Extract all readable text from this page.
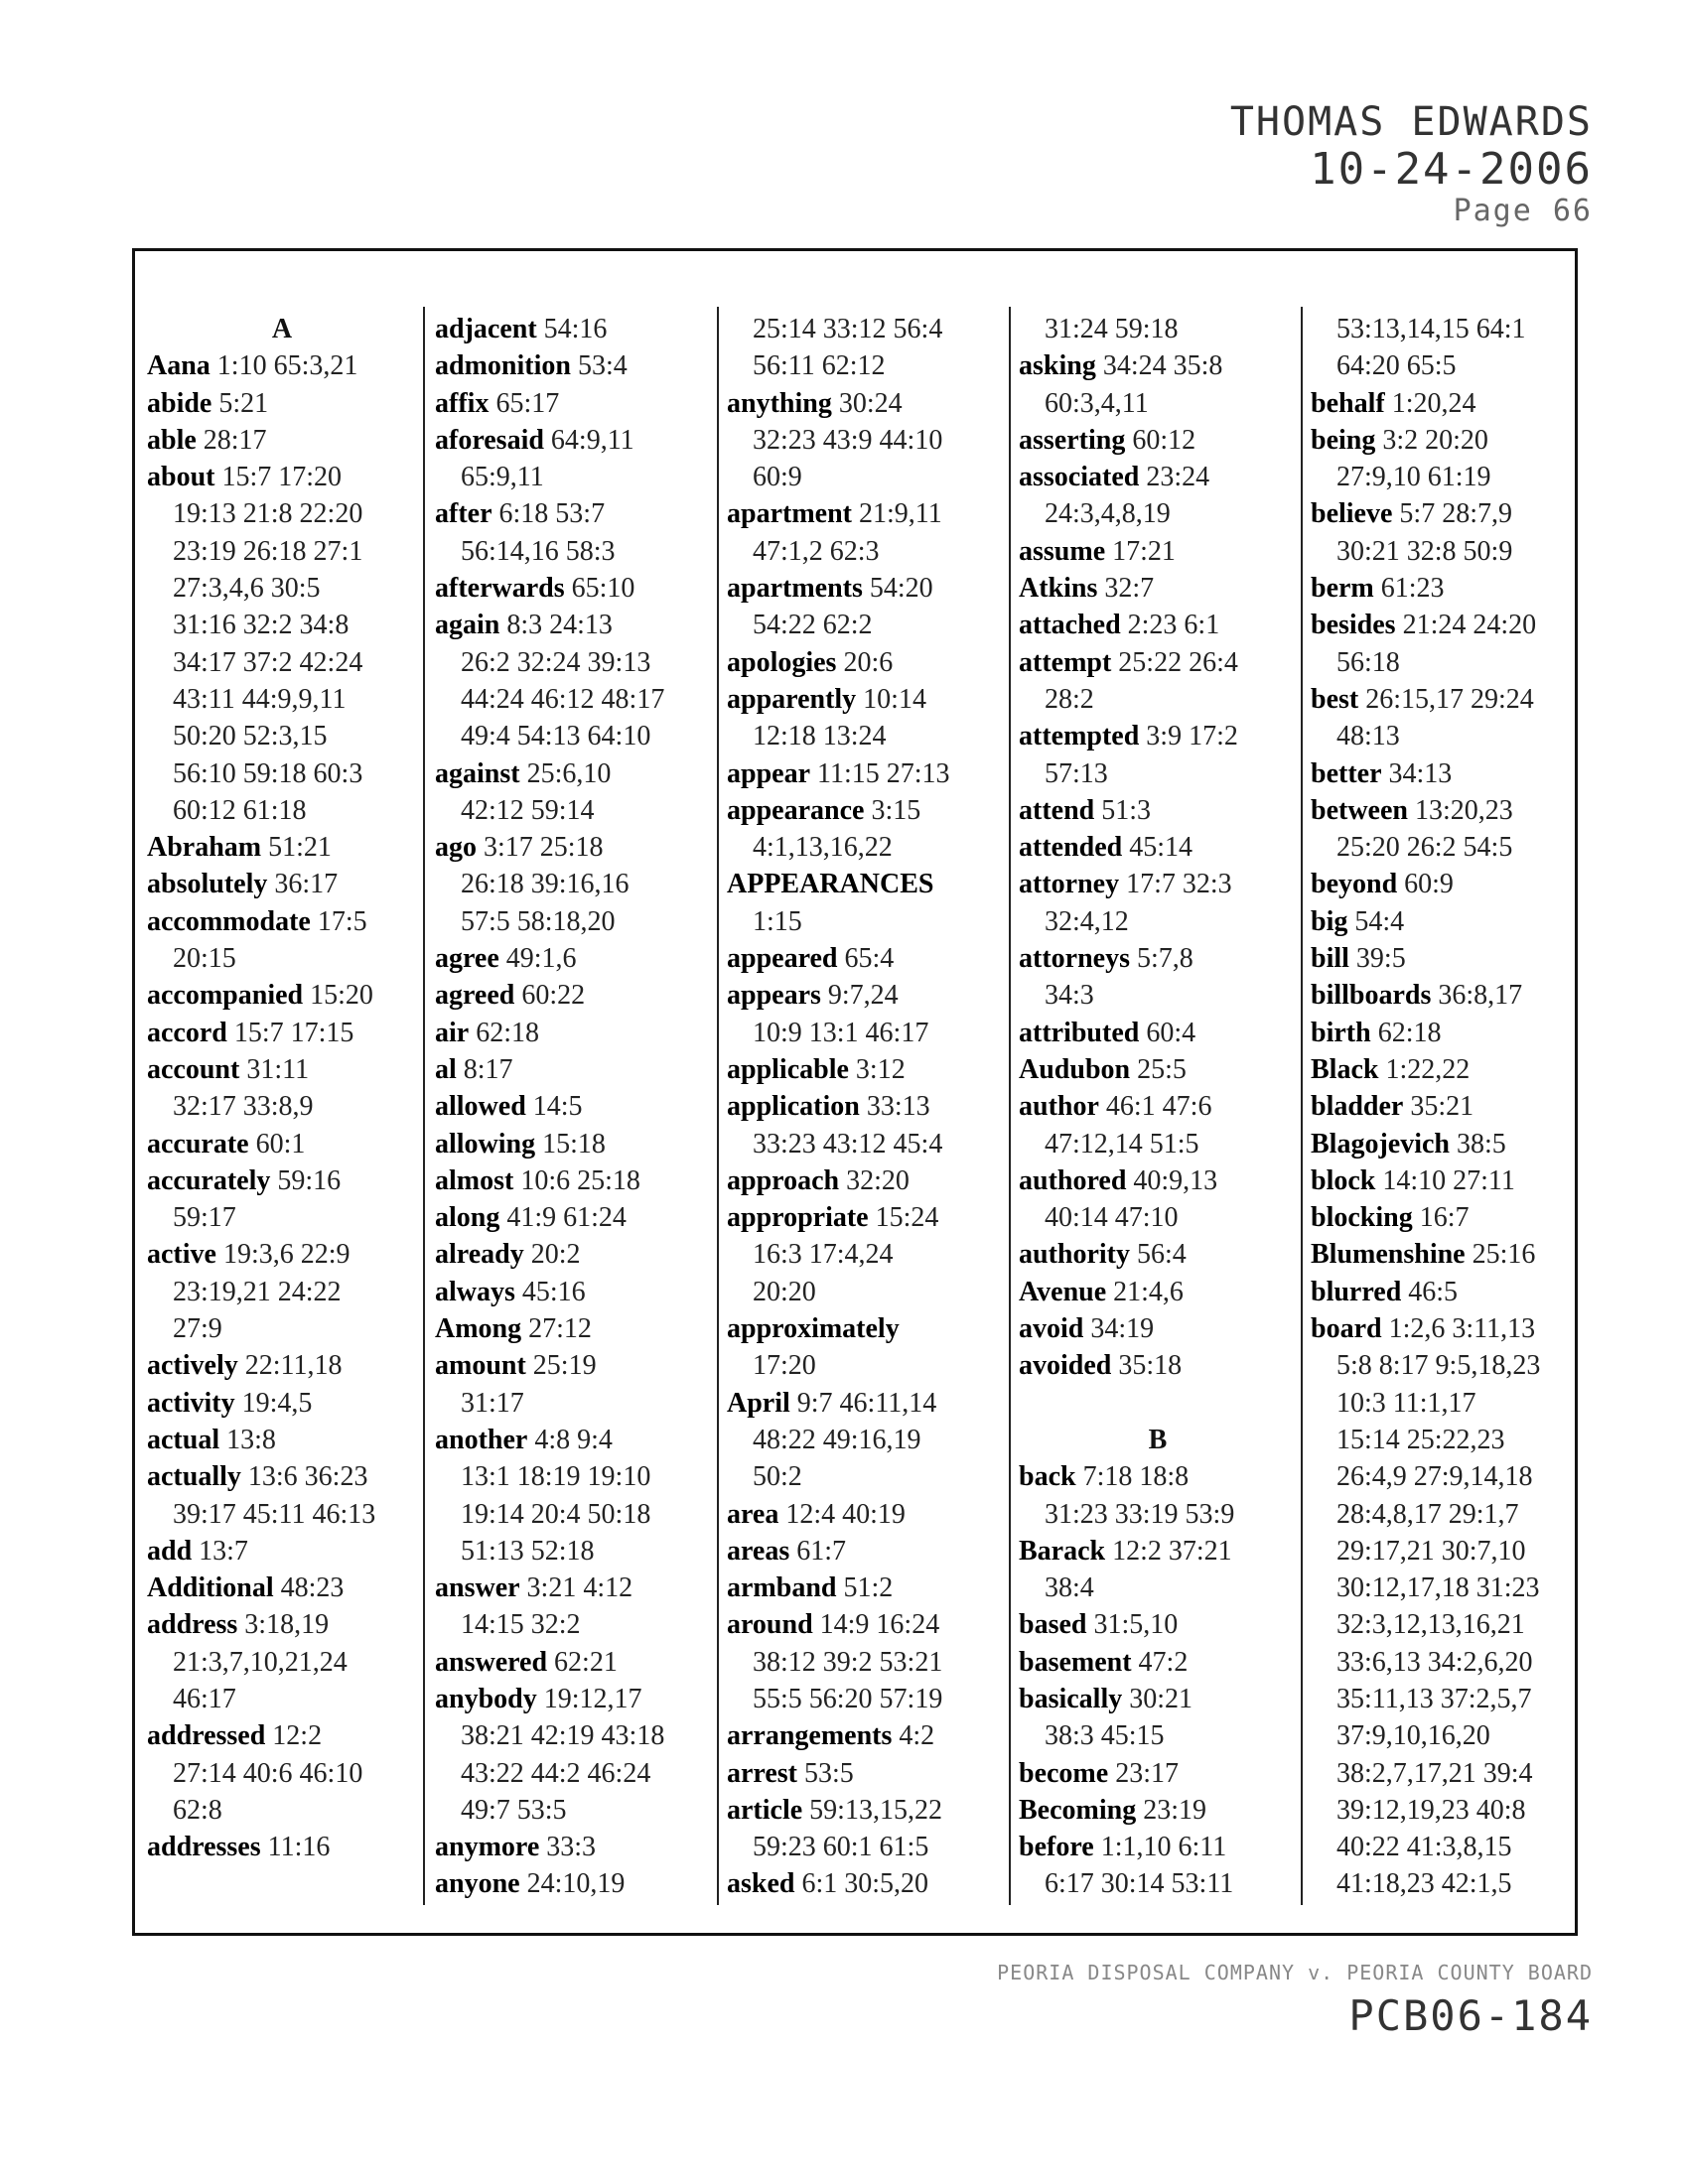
THOMAS EDWARDS
10-24-2006
Page 66
A
Aana 1:10 65:3,21
abide 5:21
able 28:17
about 15:7 17:20
19:13 21:8 22:20
23:19 26:18 27:1
27:3,4,6 30:5
31:16 32:2 34:8
34:17 37:2 42:24
43:11 44:9,9,11
50:20 52:3,15
56:10 59:18 60:3
60:12 61:18
Abraham 51:21
absolutely 36:17
accommodate 17:5
20:15
accompanied 15:20
accord 15:7 17:15
account 31:11
32:17 33:8,9
accurate 60:1
accurately 59:16
59:17
active 19:3,6 22:9
23:19,21 24:22
27:9
actively 22:11,18
activity 19:4,5
actual 13:8
actually 13:6 36:23
39:17 45:11 46:13
add 13:7
Additional 48:23
address 3:18,19
21:3,7,10,21,24
46:17
addressed 12:2
27:14 40:6 46:10
62:8
addresses 11:16
adjacent 54:16
admonition 53:4
affix 65:17
aforesaid 64:9,11
65:9,11
after 6:18 53:7
56:14,16 58:3
afterwards 65:10
again 8:3 24:13
26:2 32:24 39:13
44:24 46:12 48:17
49:4 54:13 64:10
against 25:6,10
42:12 59:14
ago 3:17 25:18
26:18 39:16,16
57:5 58:18,20
agree 49:1,6
agreed 60:22
air 62:18
al 8:17
allowed 14:5
allowing 15:18
almost 10:6 25:18
along 41:9 61:24
already 20:2
always 45:16
Among 27:12
amount 25:19
31:17
another 4:8 9:4
13:1 18:19 19:10
19:14 20:4 50:18
51:13 52:18
answer 3:21 4:12
14:15 32:2
answered 62:21
anybody 19:12,17
38:21 42:19 43:18
43:22 44:2 46:24
49:7 53:5
anymore 33:3
anyone 24:10,19
25:14 33:12 56:4
56:11 62:12
anything 30:24
32:23 43:9 44:10
60:9
apartment 21:9,11
47:1,2 62:3
apartments 54:20
54:22 62:2
apologies 20:6
apparently 10:14
12:18 13:24
appear 11:15 27:13
appearance 3:15
4:1,13,16,22
APPEARANCES
1:15
appeared 65:4
appears 9:7,24
10:9 13:1 46:17
applicable 3:12
application 33:13
33:23 43:12 45:4
approach 32:20
appropriate 15:24
16:3 17:4,24
20:20
approximately
17:20
April 9:7 46:11,14
48:22 49:16,19
50:2
area 12:4 40:19
areas 61:7
armband 51:2
around 14:9 16:24
38:12 39:2 53:21
55:5 56:20 57:19
arrangements 4:2
arrest 53:5
article 59:13,15,22
59:23 60:1 61:5
asked 6:1 30:5,20
31:24 59:18
asking 34:24 35:8
60:3,4,11
asserting 60:12
associated 23:24
24:3,4,8,19
assume 17:21
Atkins 32:7
attached 2:23 6:1
attempt 25:22 26:4
28:2
attempted 3:9 17:2
57:13
attend 51:3
attended 45:14
attorney 17:7 32:3
32:4,12
attorneys 5:7,8
34:3
attributed 60:4
Audubon 25:5
author 46:1 47:6
47:12,14 51:5
authored 40:9,13
40:14 47:10
authority 56:4
Avenue 21:4,6
avoid 34:19
avoided 35:18
B
back 7:18 18:8
31:23 33:19 53:9
Barack 12:2 37:21
38:4
based 31:5,10
basement 47:2
basically 30:21
38:3 45:15
become 23:17
Becoming 23:19
before 1:1,10 6:11
6:17 30:14 53:11
53:13,14,15 64:1
64:20 65:5
behalf 1:20,24
being 3:2 20:20
27:9,10 61:19
believe 5:7 28:7,9
30:21 32:8 50:9
berm 61:23
besides 21:24 24:20
56:18
best 26:15,17 29:24
48:13
better 34:13
between 13:20,23
25:20 26:2 54:5
beyond 60:9
big 54:4
bill 39:5
billboards 36:8,17
birth 62:18
Black 1:22,22
bladder 35:21
Blagojevich 38:5
block 14:10 27:11
blocking 16:7
Blumenshine 25:16
blurred 46:5
board 1:2,6 3:11,13
5:8 8:17 9:5,18,23
10:3 11:1,17
15:14 25:22,23
26:4,9 27:9,14,18
28:4,8,17 29:1,7
29:17,21 30:7,10
30:12,17,18 31:23
32:3,12,13,16,21
33:6,13 34:2,6,20
35:11,13 37:2,5,7
37:9,10,16,20
38:2,7,17,21 39:4
39:12,19,23 40:8
40:22 41:3,8,15
41:18,23 42:1,5
PEORIA DISPOSAL COMPANY v. PEORIA COUNTY BOARD
PCB06-184
